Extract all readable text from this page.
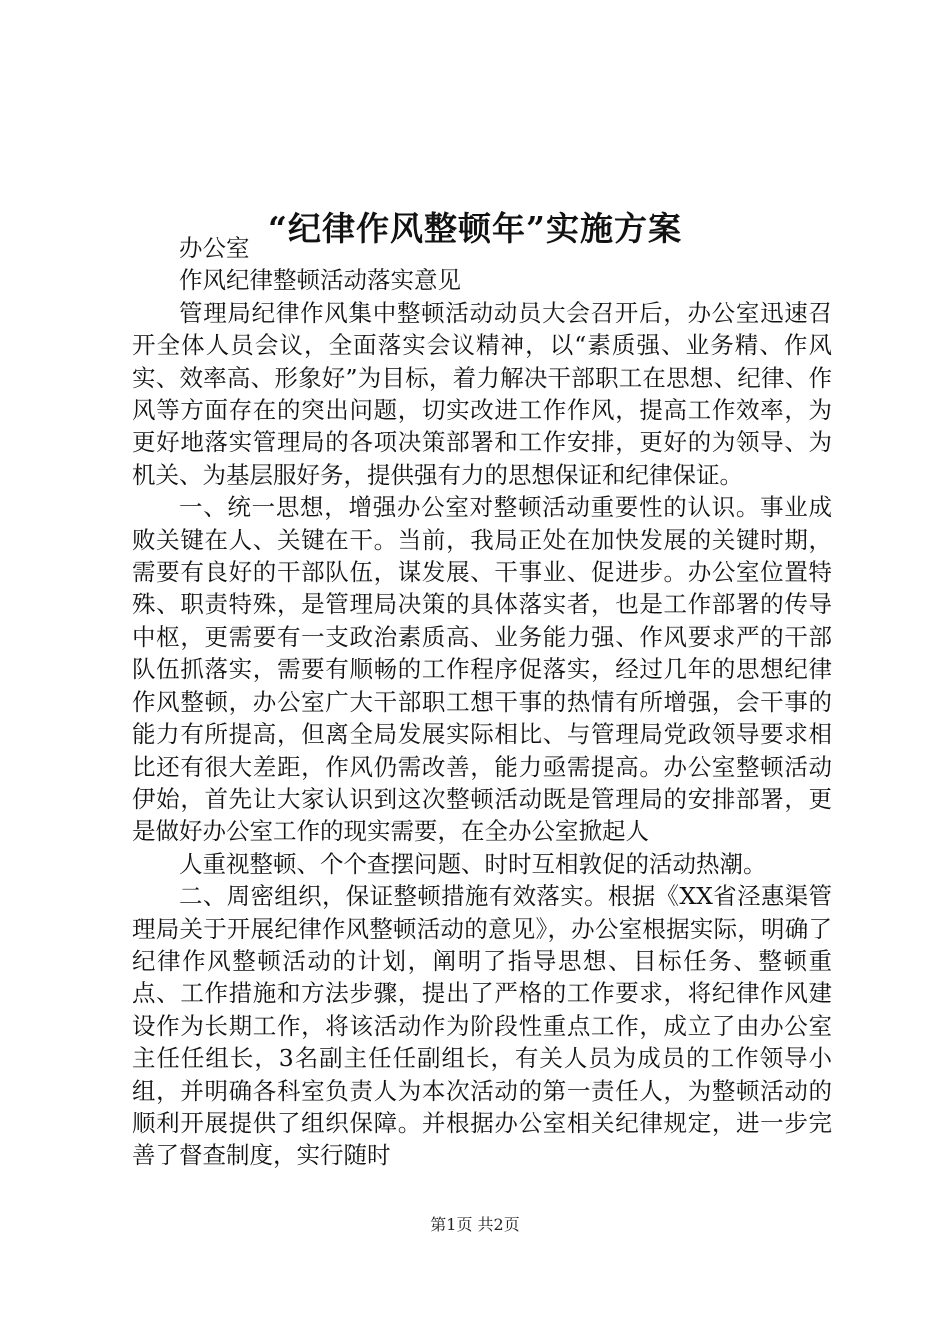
“纪律作风整顿年”实施方案

办公室

作风纪律整顿活动落实意见

管理局纪律作风集中整顿活动动员大会召开后，办公室迅速召开全体人员会议，全面落实会议精神，以“素质强、业务精、作风实、效率高、形象好”为目标，着力解决干部职工在思想、纪律、作风等方面存在的突出问题，切实改进工作作风，提高工作效率，为更好地落实管理局的各项决策部署和工作安排，更好的为领导、为机关、为基层服好务，提供强有力的思想保证和纪律保证。

一、统一思想，增强办公室对整顿活动重要性的认识。事业成败关键在人、关键在干。当前，我局正处在加快发展的关键时期，需要有良好的干部队伍，谋发展、干事业、促进步。办公室位置特殊、职责特殊，是管理局决策的具体落实者，也是工作部署的传导中枢，更需要有一支政治素质高、业务能力强、作风要求严的干部队伍抓落实，需要有顺畅的工作程序促落实，经过几年的思想纪律作风整顿，办公室广大干部职工想干事的热情有所增强，会干事的能力有所提高，但离全局发展实际相比、与管理局党政领导要求相比还有很大差距，作风仍需改善，能力亟需提高。办公室整顿活动伊始，首先让大家认识到这次整顿活动既是管理局的安排部署，更是做好办公室工作的现实需要，在全办公室掀起人

人重视整顿、个个查摆问题、时时互相敦促的活动热潮。

二、周密组织，保证整顿措施有效落实。根据《XX省泾惠渠管理局关于开展纪律作风整顿活动的意见》，办公室根据实际，明确了纪律作风整顿活动的计划，阐明了指导思想、目标任务、整顿重点、工作措施和方法步骤，提出了严格的工作要求，将纪律作风建设作为长期工作，将该活动作为阶段性重点工作，成立了由办公室主任任组长，3名副主任任副组长，有关人员为成员的工作领导小组，并明确各科室负责人为本次活动的第一责任人，为整顿活动的顺利开展提供了组织保障。并根据办公室相关纪律规定，进一步完善了督查制度，实行随时

第1页 共2页
